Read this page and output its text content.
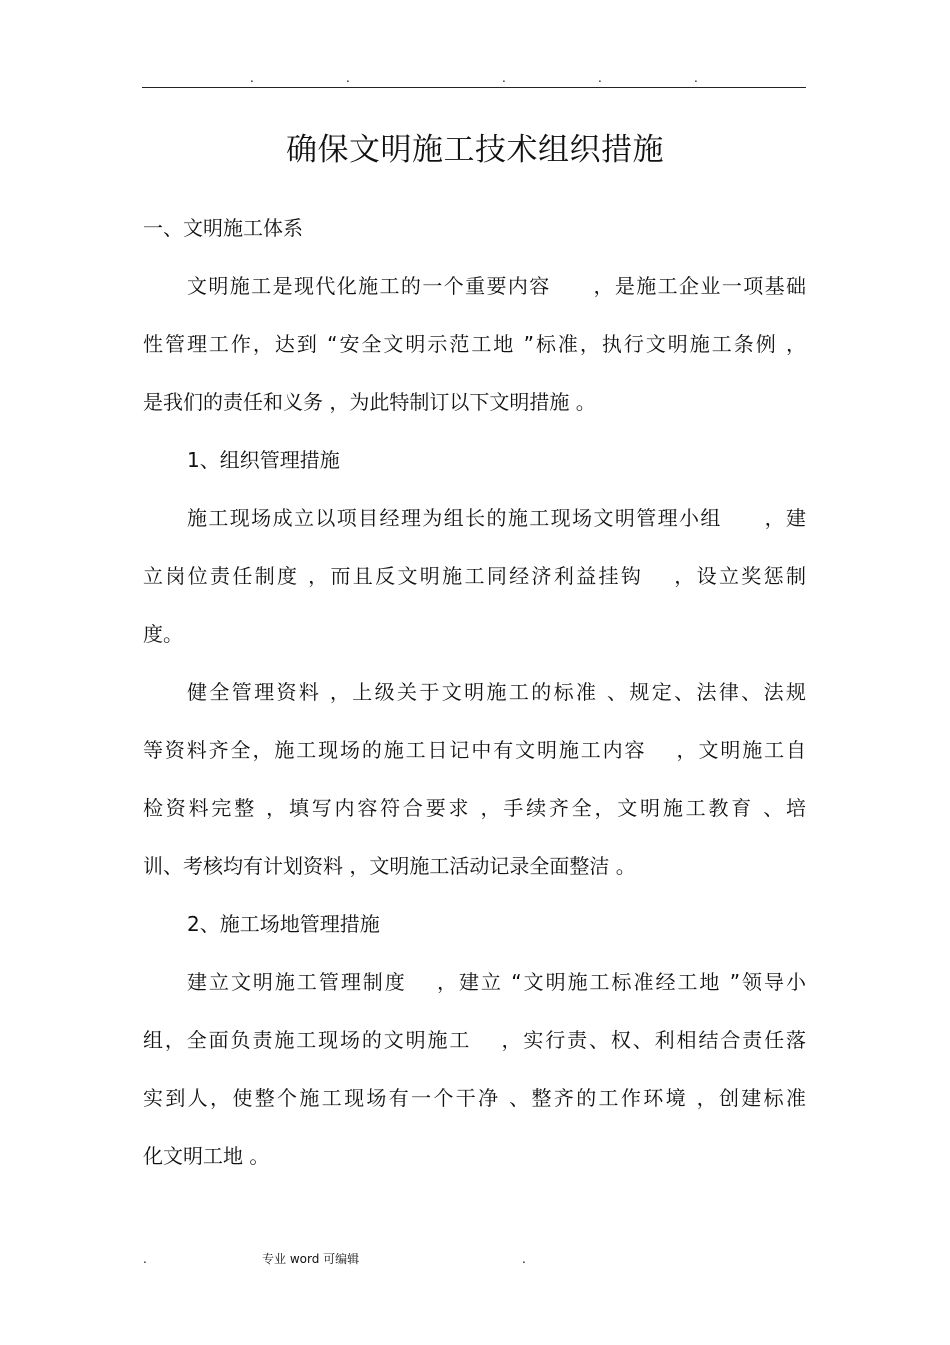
.	.	.	.	.
确保文明施工技术组织措施
一、文明施工体系
文明施工是现代化施工的一个重要内容　　，是施工企业一项基础
性管理工作，达到 “安全文明示范工地 ”标准，执行文明施工条例 ，
是我们的责任和义务 ，为此特制订以下文明措施 。
1、组织管理措施
施工现场成立以项目经理为组长的施工现场文明管理小组　　，建
立岗位责任制度 ，而且反文明施工同经济利益挂钩 　，设立奖惩制
度。
健全管理资料 ，上级关于文明施工的标准 、规定、法律、法规
等资料齐全，施工现场的施工日记中有文明施工内容 　，文明施工自
检资料完整 ，填写内容符合要求 ，手续齐全，文明施工教育 、培
训、考核均有计划资料 ，文明施工活动记录全面整洁 。
2、施工场地管理措施
建立文明施工管理制度 　，建立 “文明施工标准经工地 ”领导小
组，全面负责施工现场的文明施工 　，实行责、权、利相结合责任落
实到人，使整个施工现场有一个干净 、整齐的工作环境 ，创建标准
化文明工地 。
.	专业 word 可编辑	.
